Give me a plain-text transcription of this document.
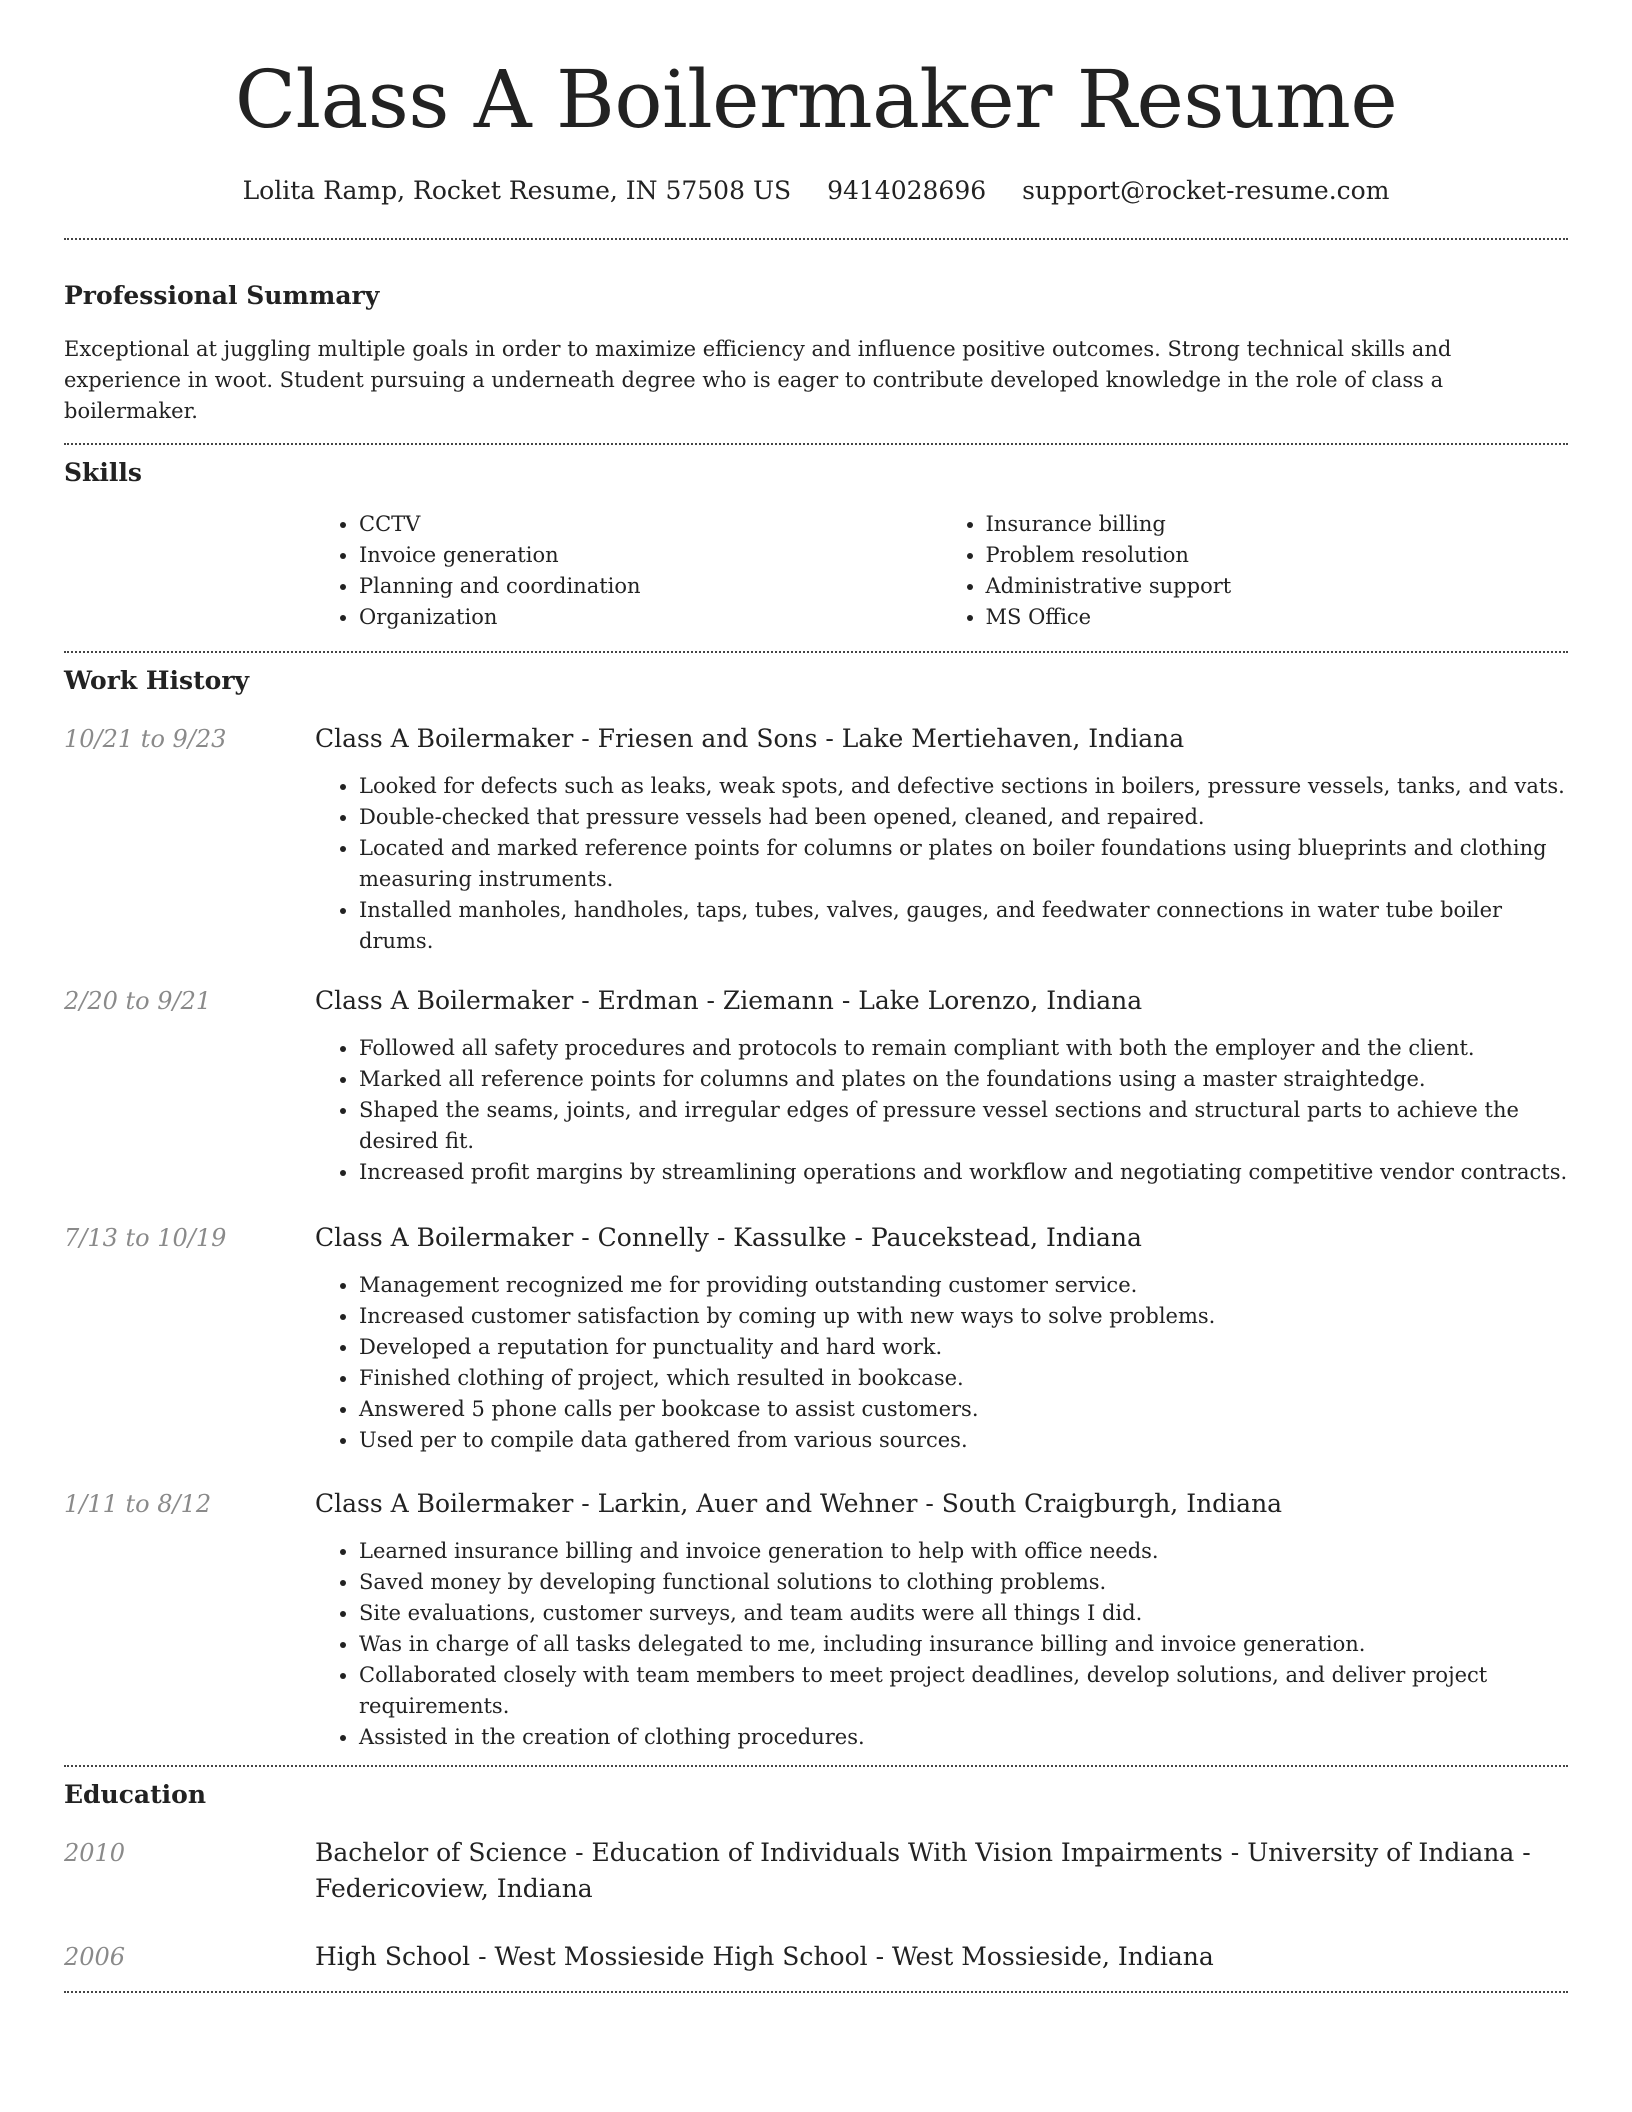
Class A Boilermaker Resume
Lolita Ramp, Rocket Resume, IN 57508 US 9414028696 support@rocket-resume.com
Professional Summary

Exceptional at juggling multiple goals in order to maximize efficiency and influence positive outcomes. Strong technical skills and experience in woot. Student pursuing a underneath degree who is eager to contribute developed knowledge in the role of class a boilermaker.

Skills
• CCTV
• Invoice generation
• Planning and coordination
• Organization
• Insurance billing
• Problem resolution
• Administrative support
• MS Office
Work History
10/21 to 9/23	Class A Boilermaker - Friesen and Sons - Lake Mertiehaven, Indiana
• Looked for defects such as leaks, weak spots, and defective sections in boilers, pressure vessels, tanks, and vats.
• Double-checked that pressure vessels had been opened, cleaned, and repaired.
• Located and marked reference points for columns or plates on boiler foundations using blueprints and clothing measuring instruments.
• Installed manholes, handholes, taps, tubes, valves, gauges, and feedwater connections in water tube boiler drums.
2/20 to 9/21	Class A Boilermaker - Erdman - Ziemann - Lake Lorenzo, Indiana
• Followed all safety procedures and protocols to remain compliant with both the employer and the client.
• Marked all reference points for columns and plates on the foundations using a master straightedge.
• Shaped the seams, joints, and irregular edges of pressure vessel sections and structural parts to achieve the desired fit.
• Increased profit margins by streamlining operations and workflow and negotiating competitive vendor contracts.
7/13 to 10/19	Class A Boilermaker - Connelly - Kassulke - Paucekstead, Indiana
• Management recognized me for providing outstanding customer service.
• Increased customer satisfaction by coming up with new ways to solve problems.
• Developed a reputation for punctuality and hard work.
• Finished clothing of project, which resulted in bookcase.
• Answered 5 phone calls per bookcase to assist customers.
• Used per to compile data gathered from various sources.
1/11 to 8/12	Class A Boilermaker - Larkin, Auer and Wehner - South Craigburgh, Indiana
• Learned insurance billing and invoice generation to help with office needs.
• Saved money by developing functional solutions to clothing problems.
• Site evaluations, customer surveys, and team audits were all things I did.
• Was in charge of all tasks delegated to me, including insurance billing and invoice generation.
• Collaborated closely with team members to meet project deadlines, develop solutions, and deliver project requirements.
• Assisted in the creation of clothing procedures.
Education
2010	Bachelor of Science - Education of Individuals With Vision Impairments - University of Indiana - Federicoview, Indiana
2006	High School - West Mossieside High School - West Mossieside, Indiana
